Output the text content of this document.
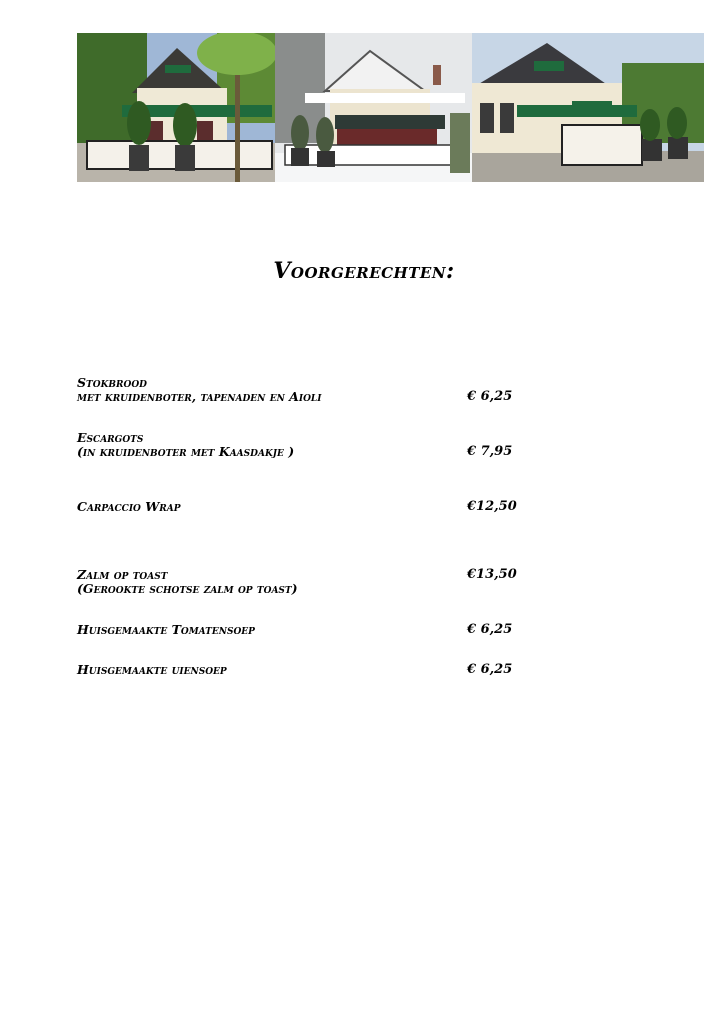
Voorgerechten:
Stokbrood
met kruidenboter, tapenaden en Aioli	€ 6,25
Escargots
(in kruidenboter met Kaasdakje )	€ 7,95
Carpaccio Wrap	€12,50
Zalm op toast
(Gerookte schotse zalm op toast)
€13,50
Huisgemaakte Tomatensoep	€ 6,25
Huisgemaakte uiensoep	€ 6,25
